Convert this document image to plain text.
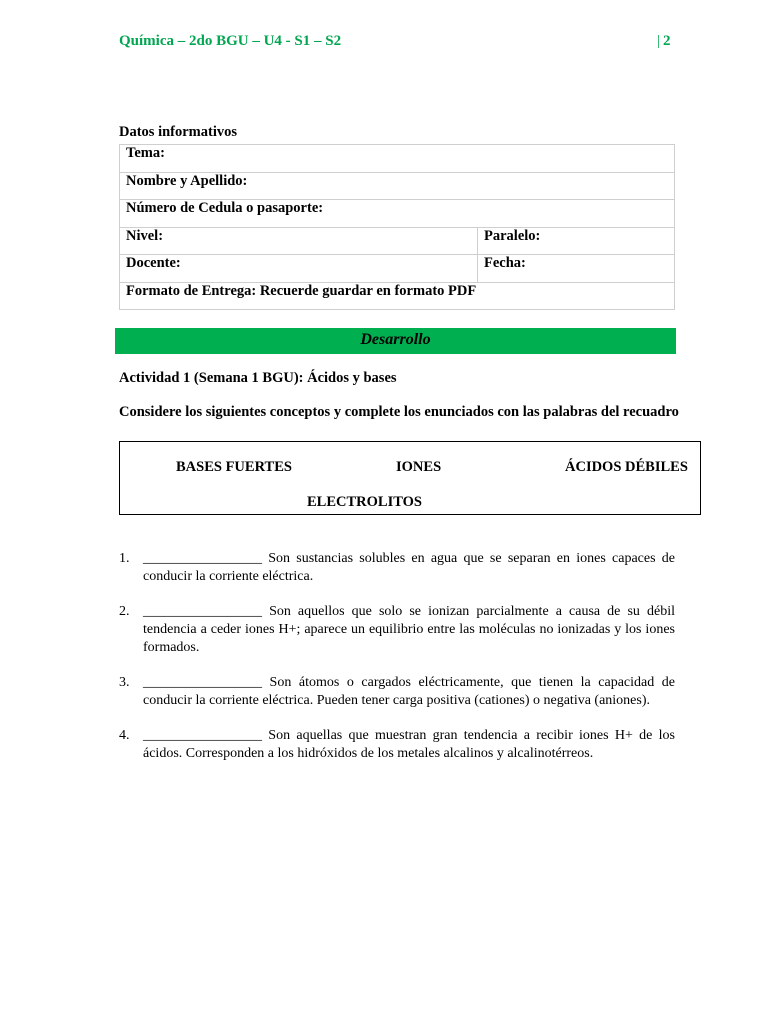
Química – 2do BGU – U4 - S1 – S2	| 2
Datos informativos
Tema:	
Nombre y Apellido:	
Número de Cedula o pasaporte:	
Nivel:	Paralelo:
Docente:	Fecha:
Formato de Entrega: Recuerde guardar en formato PDF	
Desarrollo
Actividad 1 (Semana 1 BGU): Ácidos y bases
Considere los siguientes conceptos y complete los enunciados con las palabras del recuadro
BASES FUERTES	IONES	ÁCIDOS DÉBILES
ELECTROLITOS
1. _________________ Son sustancias solubles en agua que se separan en iones capaces de conducir la corriente eléctrica.
2. _________________ Son aquellos que solo se ionizan parcialmente a causa de su débil tendencia a ceder iones H+; aparece un equilibrio entre las moléculas no ionizadas y los iones formados.
3. _________________ Son átomos o cargados eléctricamente, que tienen la capacidad de conducir la corriente eléctrica. Pueden tener carga positiva (cationes) o negativa (aniones).
4. _________________ Son aquellas que muestran gran tendencia a recibir iones H+ de los ácidos. Corresponden a los hidróxidos de los metales alcalinos y alcalinotérreos.
